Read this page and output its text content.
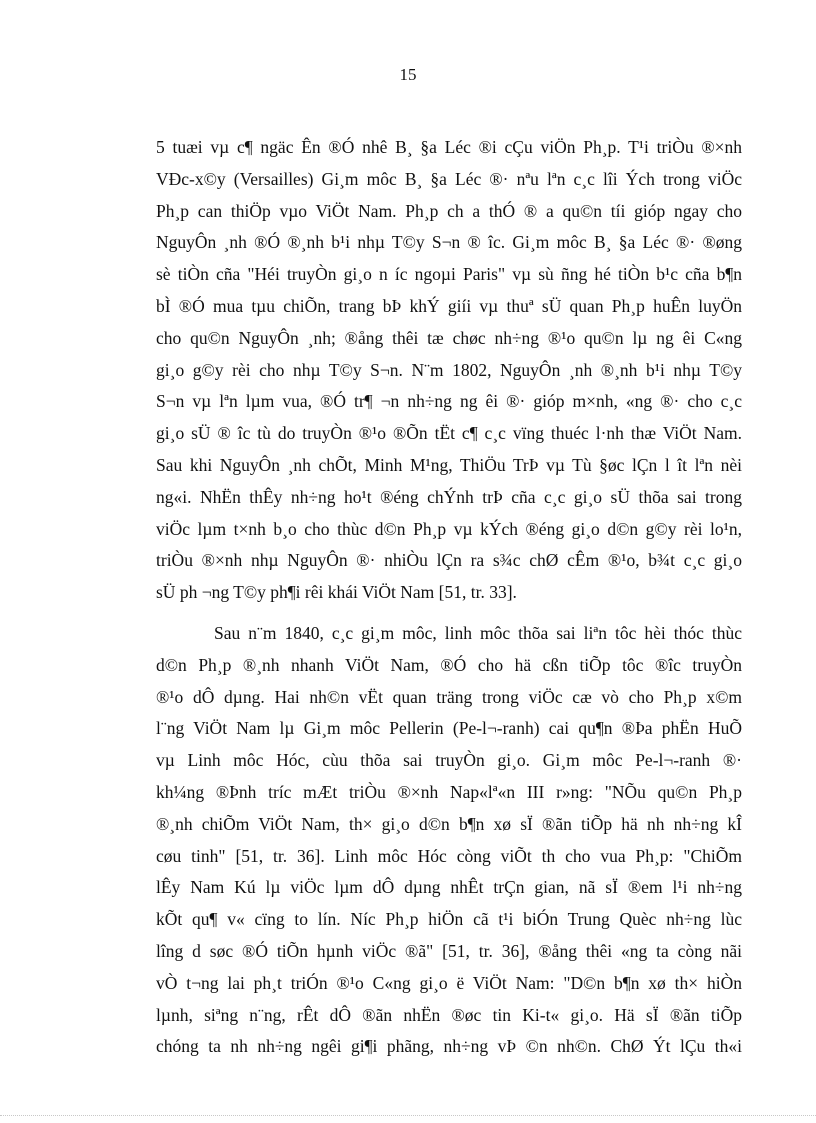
15
5 tuæi vµ c¶ ngäc Ên ®Ó nhê B¸ §a Léc ®i cÇu viÖn Ph¸p. T¹i triÒu ®×nh
VÐc-x©y (Versailles) Gi¸m môc B¸ §a Léc ®· nªu lªn c¸c lîi Ých trong viÖc
Ph¸p can thiÖp vµo ViÖt Nam. Ph¸p ch a thÓ ® a qu©n tíi gióp ngay cho
NguyÔn ¸nh ®Ó ®¸nh b¹i nhµ T©y S¬n ® îc. Gi¸m môc B¸ §a Léc ®· ®øng
sè tiÒn cña "Héi truyÒn gi¸o n íc ngoµi Paris" vµ sù ñng hé tiÒn b¹c cña b¶n
bÌ ®Ó mua tµu chiÕn, trang bÞ khÝ giíi vµ thuª sÜ quan Ph¸p huÊn luyÖn
cho qu©n NguyÔn ¸nh; ®ång thêi tæ chøc nh÷ng ®¹o qu©n lµ ng êi C«ng
gi¸o g©y rèi cho nhµ T©y S¬n. N¨m 1802, NguyÔn ¸nh ®¸nh b¹i nhµ T©y
S¬n vµ lªn lµm vua, ®Ó tr¶ ¬n nh÷ng ng êi ®· gióp m×nh, «ng ®· cho c¸c
gi¸o sÜ ® îc tù do truyÒn ®¹o ®Õn tËt c¶ c¸c vïng thuéc l·nh thæ ViÖt Nam.
Sau khi NguyÔn ¸nh chÕt, Minh M¹ng, ThiÖu TrÞ vµ Tù §øc lÇn l ît lªn nèi
ng«i. NhËn thÊy nh÷ng ho¹t ®éng chÝnh trÞ cña c¸c gi¸o sÜ thõa sai trong
viÖc lµm t×nh b¸o cho thùc d©n Ph¸p vµ kÝch ®éng gi¸o d©n g©y rèi lo¹n,
triÒu ®×nh nhµ NguyÔn ®· nhiÒu lÇn ra s¾c chØ cÊm ®¹o, b¾t c¸c gi¸o
sÜ ph ¬ng T©y ph¶i rêi khái ViÖt Nam [51, tr. 33].
Sau n¨m 1840, c¸c gi¸m môc, linh môc thõa sai liªn tôc hèi thóc thùc
d©n Ph¸p ®¸nh nhanh ViÖt Nam, ®Ó cho hä cßn tiÕp tôc ®îc truyÒn
®¹o dÔ dµng. Hai nh©n vËt quan träng trong viÖc cæ vò cho Ph¸p x©m
l¨ng ViÖt Nam lµ Gi¸m môc Pellerin (Pe-l¬-ranh) cai qu¶n ®Þa phËn HuÕ
vµ Linh môc Hóc, cùu thõa sai truyÒn gi¸o. Gi¸m môc Pe-l¬-ranh ®·
kh¼ng ®Þnh tríc mÆt triÒu ®×nh Nap«lª«n III r»ng: "NÕu qu©n Ph¸p
®¸nh chiÕm ViÖt Nam, th× gi¸o d©n b¶n xø sÏ ®ãn tiÕp hä nh nh÷ng kÎ
cøu tinh" [51, tr. 36]. Linh môc Hóc còng viÕt th cho vua Ph¸p: "ChiÕm
lÊy Nam Kú lµ viÖc lµm dÔ dµng nhÊt trÇn gian, nã sÏ ®em l¹i nh÷ng
kÕt qu¶ v« cïng to lín. Níc Ph¸p hiÖn cã t¹i biÓn Trung Quèc nh÷ng lùc
lîng d søc ®Ó tiÕn hµnh viÖc ®ã" [51, tr. 36], ®ång thêi «ng ta còng nãi
vÒ t¬ng lai ph¸t triÓn ®¹o C«ng gi¸o ë ViÖt Nam: "D©n b¶n xø th× hiÒn
lµnh, siªng n¨ng, rÊt dÔ ®ãn nhËn ®øc tin Ki-t« gi¸o. Hä sÏ ®ãn tiÕp
chóng ta nh nh÷ng ngêi gi¶i phãng, nh÷ng vÞ ©n nh©n. ChØ Ýt lÇu th«i
